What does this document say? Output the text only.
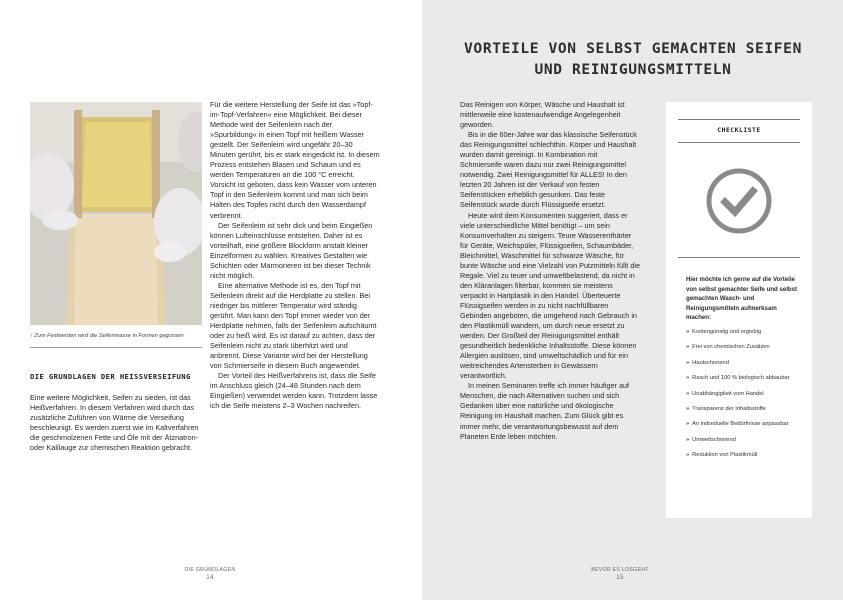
↑ Zum Festwerden wird die Seifenmasse in Formen gegossen
DIE GRUNDLAGEN DER HEISSVERSEIFUNG

Eine weitere Möglichkeit, Seifen zu sieden, ist das Heißverfahren. In diesem Verfahren wird durch das zusätzliche Zuführen von Wärme die Verseifung beschleunigt. Es werden zuerst wie im Kaltverfahren die geschmolzenen Fette und Öle mit der Ätznatron- oder Kalilauge zur chemischen Reaktion gebracht.

Für die weitere Herstellung der Seife ist das »Topf-im-Topf-Verfahren« eine Möglichkeit. Bei dieser Methode wird der Seifenleim nach der »Spurbildung« in einen Topf mit heißem Wasser gestellt. Der Seifenleim wird ungefähr 20–30 Minuten gerührt, bis er stark eingedickt ist. In diesem Prozess entstehen Blasen und Schaum und es werden Temperaturen an die 100 °C erreicht. Vorsicht ist geboten, dass kein Wasser vom unteren Topf in den Seifenleim kommt und man sich beim Halten des Topfes nicht durch den Wasserdampf verbrennt.

Der Seifenleim ist sehr dick und beim Eingießen können Lufteinschlüsse entstehen. Daher ist es vorteilhaft, eine größere Blockform anstatt kleiner Einzelformen zu wählen. Kreatives Gestalten wie Schichten oder Marmorieren ist bei dieser Technik nicht möglich.

Eine alternative Methode ist es, den Topf mit Seifenleim direkt auf die Herdplatte zu stellen. Bei niedriger bis mittlerer Temperatur wird ständig gerührt. Man kann den Topf immer wieder von der Herdplatte nehmen, falls der Seifenleim aufschäumt oder zu heiß wird. Es ist darauf zu achten, dass der Seifenleim nicht zu stark überhitzt wird und anbrennt. Diese Variante wird bei der Herstellung von Schmierseife in diesem Buch angewendet.

Der Vorteil des Heißverfahrens ist, dass die Seife im Anschluss gleich (24–48 Stunden nach dem Eingießen) verwendet werden kann. Trotzdem lasse ich die Seife meistens 2–3 Wochen nachreifen.

DIE GRUNDLAGEN
14
VORTEILE VON SELBST GEMACHTEN SEIFEN UND REINIGUNGSMITTELN

Das Reinigen von Körper, Wäsche und Haushalt ist mittlerweile eine kostenaufwendige Angelegenheit geworden.

Bis in die 60er-Jahre war das klassische Seifenstück das Reinigungsmittel schlechthin. Körper und Haushalt wurden damit gereinigt. In Kombination mit Schmierseife waren dazu nur zwei Reinigungsmittel notwendig. Zwei Reinigungsmittel für ALLES! In den letzten 20 Jahren ist der Verkauf von festen Seifenstücken erheblich gesunken. Das feste Seifenstück wurde durch Flüssigseife ersetzt.

Heute wird dem Konsumenten suggeriert, dass er viele unterschiedliche Mittel benötigt – um sein Konsumverhalten zu steigern. Teure Wasserenthärter für Geräte, Weichspüler, Flüssigseifen, Schaumbäder, Bleichmittel, Waschmittel für schwarze Wäsche, für bunte Wäsche und eine Vielzahl von Putzmitteln füllt die Regale. Viel zu teuer und umweltbelastend, da nicht in den Kläranlagen filterbar, kommen sie meistens verpackt in Hartplastik in den Handel. Überteuerte Flüssigseifen werden in zu nicht nachfüllbaren Gebinden angeboten, die umgehend nach Gebrauch in den Plastikmüll wandern, um durch neue ersetzt zu werden. Der Großteil der Reinigungsmittel enthält gesundheitlich bedenkliche Inhaltsstoffe. Diese können Allergien auslösen, sind umweltschädlich und für ein weitreichendes Artensterben in Gewässern verantwortlich.

In meinen Seminaren treffe ich immer häufiger auf Menschen, die nach Alternativen suchen und sich Gedanken über eine natürliche und ökologische Reinigung im Haushalt machen. Zum Glück gibt es immer mehr, die verantwortungsbewusst auf dem Planeten Erde leben möchten.

CHECKLISTE
Hier möchte ich gerne auf die Vorteile von selbst gemachter Seife und selbst gemachten Wasch- und Reinigungsmitteln aufmerksam machen:
» Kostengünstig und ergiebig
» Frei von chemischen Zusätzen
» Hautschonend
» Rasch und 100 % biologisch abbaubar
» Unabhängigkeit vom Handel
» Transparenz der Inhaltsstoffe
» An individuelle Bedürfnisse anpassbar
» Umweltschonend
» Reduktion von Plastikmüll
BEVOR ES LOSGEHT
15
